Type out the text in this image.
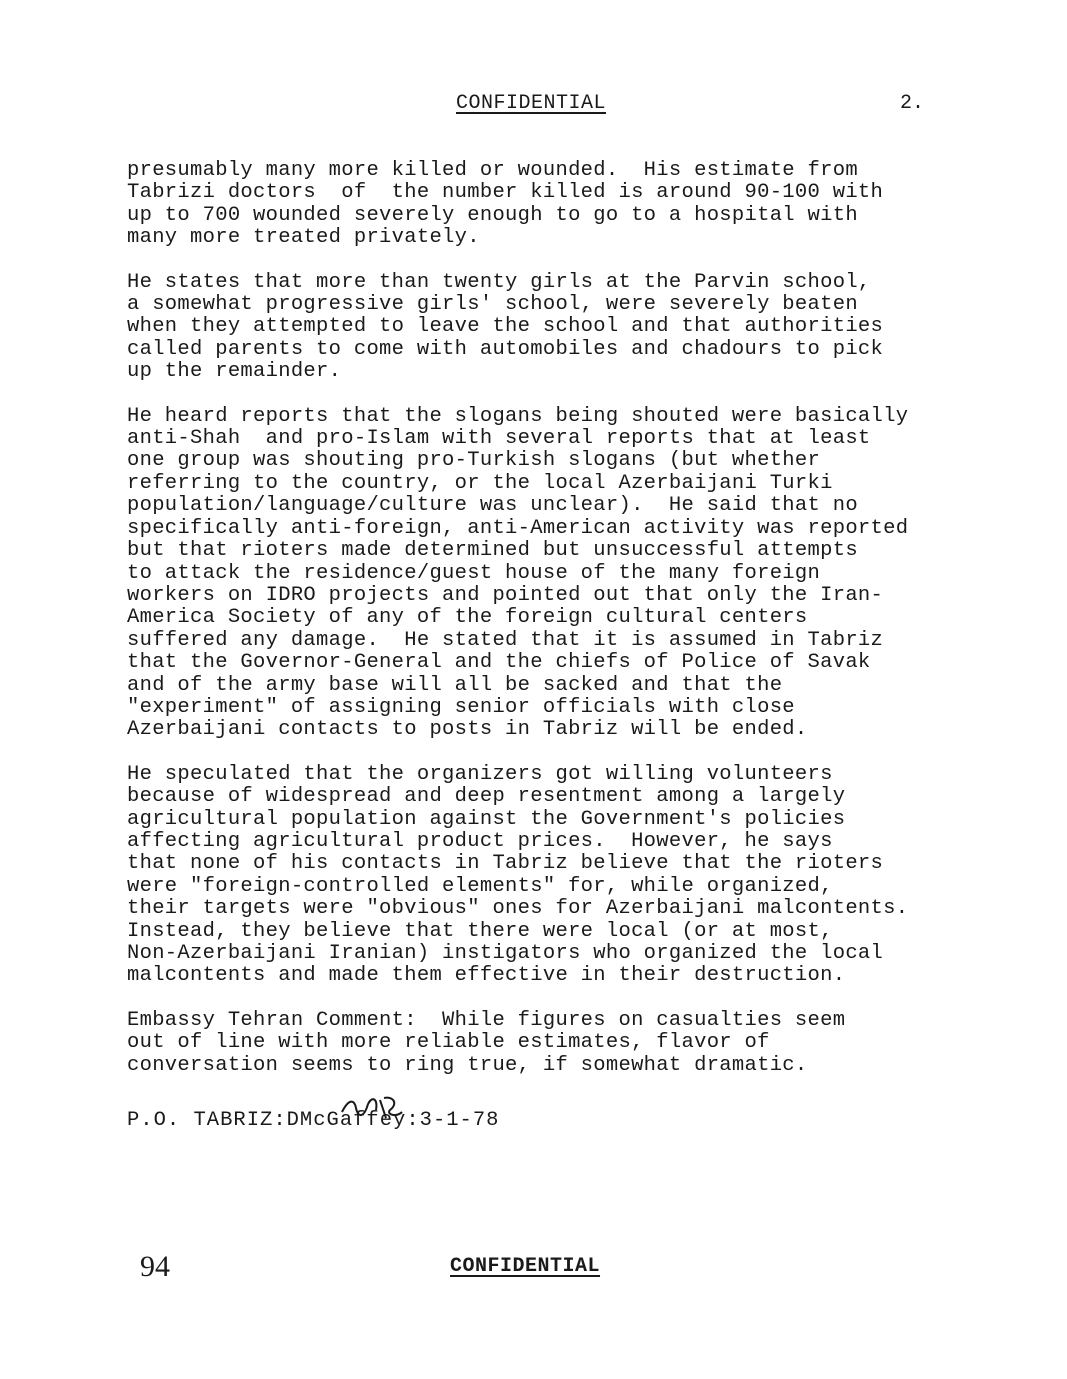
CONFIDENTIAL	2.

presumably many more killed or wounded.  His estimate from
Tabrizi doctors  of  the number killed is around 90-100 with
up to 700 wounded severely enough to go to a hospital with
many more treated privately.

He states that more than twenty girls at the Parvin school,
a somewhat progressive girls' school, were severely beaten
when they attempted to leave the school and that authorities
called parents to come with automobiles and chadours to pick
up the remainder.

He heard reports that the slogans being shouted were basically
anti-Shah  and pro-Islam with several reports that at least
one group was shouting pro-Turkish slogans (but whether
referring to the country, or the local Azerbaijani Turki
population/language/culture was unclear).  He said that no
specifically anti-foreign, anti-American activity was reported
but that rioters made determined but unsuccessful attempts
to attack the residence/guest house of the many foreign
workers on IDRO projects and pointed out that only the Iran-
America Society of any of the foreign cultural centers
suffered any damage.  He stated that it is assumed in Tabriz
that the Governor-General and the chiefs of Police of Savak
and of the army base will all be sacked and that the
"experiment" of assigning senior officials with close
Azerbaijani contacts to posts in Tabriz will be ended.

He speculated that the organizers got willing volunteers
because of widespread and deep resentment among a largely
agricultural population against the Government's policies
affecting agricultural product prices.  However, he says
that none of his contacts in Tabriz believe that the rioters
were "foreign-controlled elements" for, while organized,
their targets were "obvious" ones for Azerbaijani malcontents.
Instead, they believe that there were local (or at most,
Non-Azerbaijani Iranian) instigators who organized the local
malcontents and made them effective in their destruction.

Embassy Tehran Comment:  While figures on casualties seem
out of line with more reliable estimates, flavor of
conversation seems to ring true, if somewhat dramatic.

P.O. TABRIZ:DMcGaffey:3-1-78
94	CONFIDENTIAL
